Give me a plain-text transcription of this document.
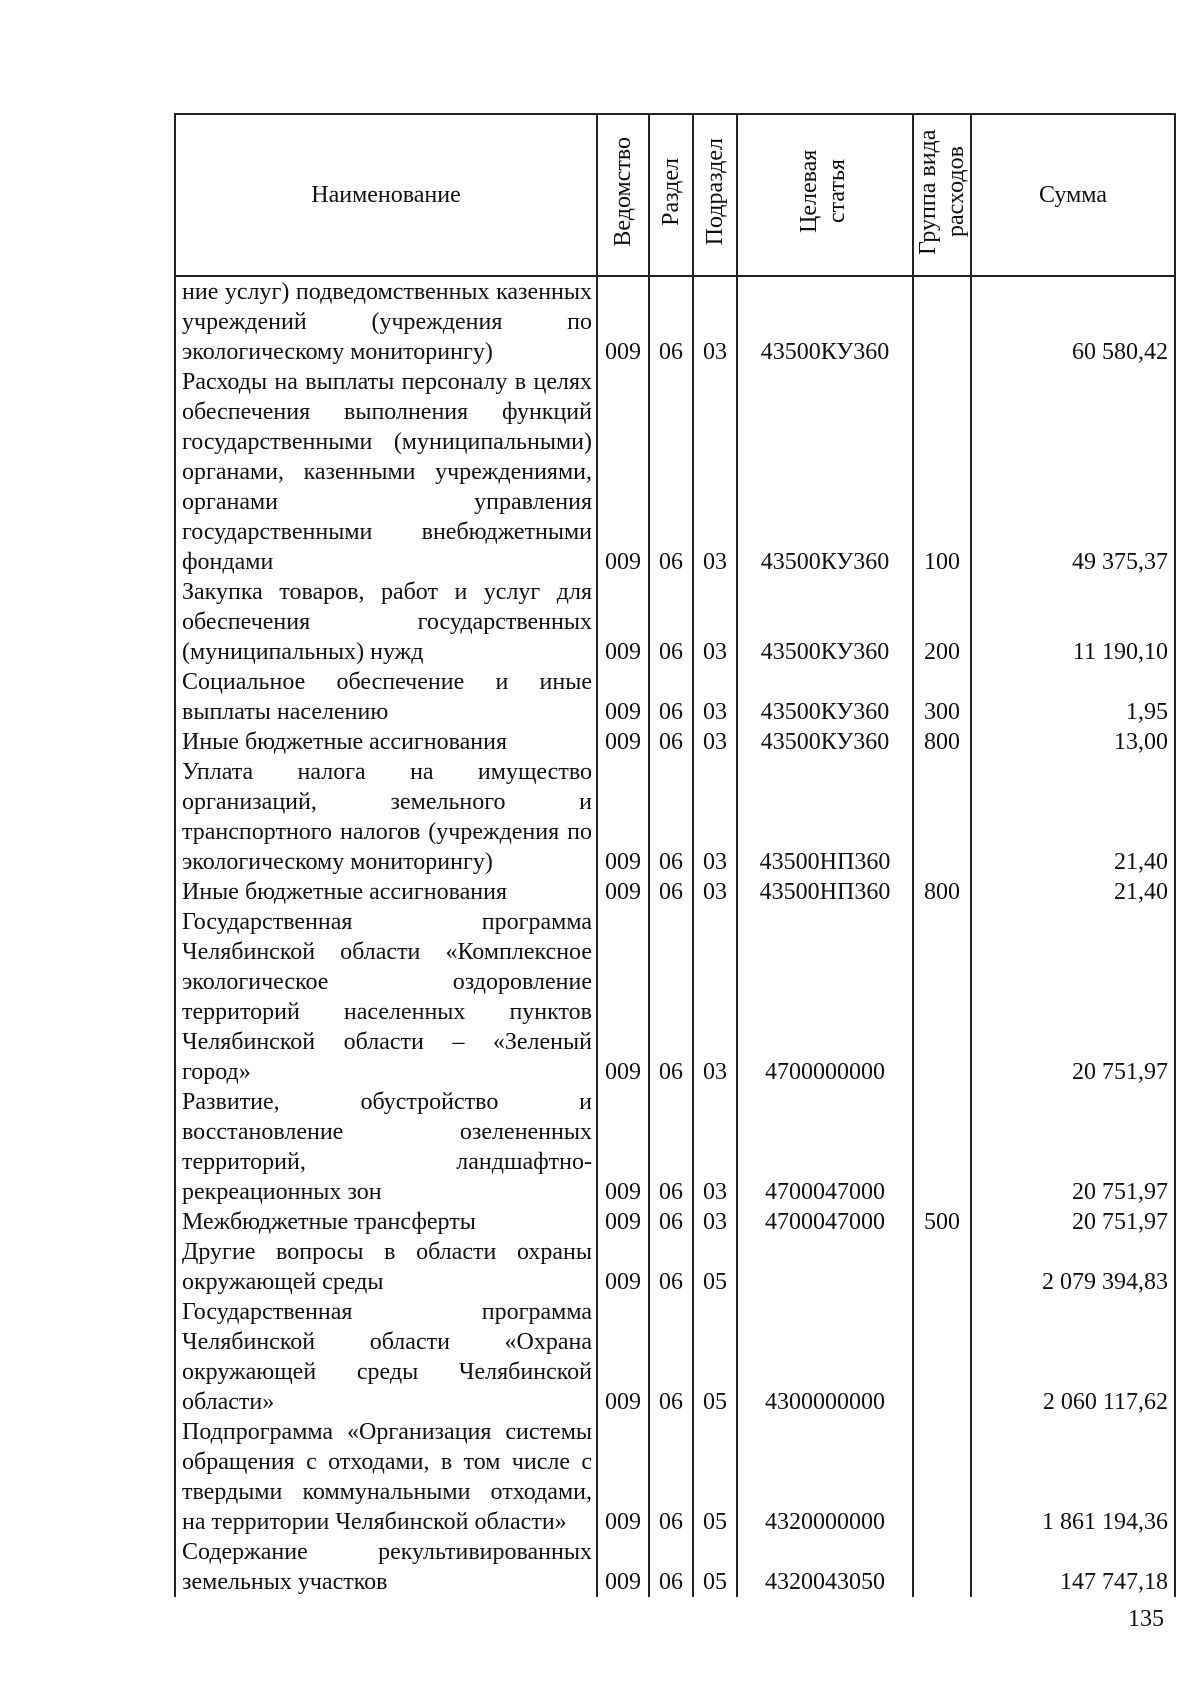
Наименование	Ведомство	Раздел	Подраздел	Целевая статья	Группа вида расходов	Сумма
ние услуг) подведомственных казенных учреждений (учреждения по экологическому мониторингу)	009	06	03	43500КУ360		60 580,42
Расходы на выплаты персоналу в целях обеспечения выполнения функций государственными (муниципальными) органами, казенными учреждениями, органами управления государственными внебюджетными фондами	009	06	03	43500КУ360	100	49 375,37
Закупка товаров, работ и услуг для обеспечения государственных (муниципальных) нужд	009	06	03	43500КУ360	200	11 190,10
Социальное обеспечение и иные выплаты населению	009	06	03	43500КУ360	300	1,95
Иные бюджетные ассигнования	009	06	03	43500КУ360	800	13,00
Уплата налога на имущество организаций, земельного и транспортного налогов (учреждения по экологическому мониторингу)	009	06	03	43500НП360		21,40
Иные бюджетные ассигнования	009	06	03	43500НП360	800	21,40
Государственная программа Челябинской области «Комплексное экологическое оздоровление территорий населенных пунктов Челябинской области – «Зеленый город»	009	06	03	4700000000		20 751,97
Развитие, обустройство и восстановление озелененных территорий, ландшафтно-рекреационных зон	009	06	03	4700047000		20 751,97
Межбюджетные трансферты	009	06	03	4700047000	500	20 751,97
Другие вопросы в области охраны окружающей среды	009	06	05			2 079 394,83
Государственная программа Челябинской области «Охрана окружающей среды Челябинской области»	009	06	05	4300000000		2 060 117,62
Подпрограмма «Организация системы обращения с отходами, в том числе с твердыми коммунальными отходами, на территории Челябинской области»	009	06	05	4320000000		1 861 194,36
Содержание рекультивированных земельных участков	009	06	05	4320043050		147 747,18
135
